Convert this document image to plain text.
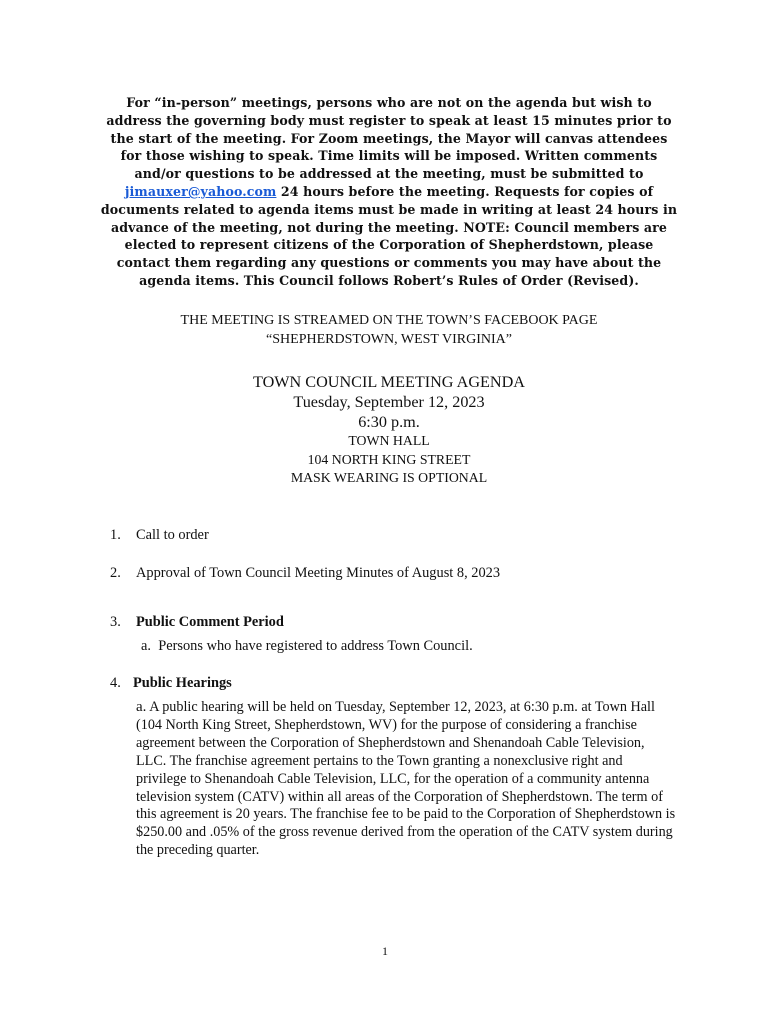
For “in-person” meetings, persons who are not on the agenda but wish to address the governing body must register to speak at least 15 minutes prior to the start of the meeting. For Zoom meetings, the Mayor will canvas attendees for those wishing to speak. Time limits will be imposed. Written comments and/or questions to be addressed at the meeting, must be submitted to jimauxer@yahoo.com 24 hours before the meeting. Requests for copies of documents related to agenda items must be made in writing at least 24 hours in advance of the meeting, not during the meeting. NOTE: Council members are elected to represent citizens of the Corporation of Shepherdstown, please contact them regarding any questions or comments you may have about the agenda items. This Council follows Robert’s Rules of Order (Revised).
THE MEETING IS STREAMED ON THE TOWN’S FACEBOOK PAGE
“SHEPHERDSTOWN, WEST VIRGINIA”
TOWN COUNCIL MEETING AGENDA
Tuesday, September 12, 2023
6:30 p.m.
TOWN HALL
104 NORTH KING STREET
MASK WEARING IS OPTIONAL
1. Call to order
2. Approval of Town Council Meeting Minutes of August 8, 2023
3. Public Comment Period
a. Persons who have registered to address Town Council.
4. Public Hearings
a. A public hearing will be held on Tuesday, September 12, 2023, at 6:30 p.m. at Town Hall (104 North King Street, Shepherdstown, WV) for the purpose of considering a franchise agreement between the Corporation of Shepherdstown and Shenandoah Cable Television, LLC. The franchise agreement pertains to the Town granting a nonexclusive right and privilege to Shenandoah Cable Television, LLC, for the operation of a community antenna television system (CATV) within all areas of the Corporation of Shepherdstown. The term of this agreement is 20 years. The franchise fee to be paid to the Corporation of Shepherdstown is $250.00 and .05% of the gross revenue derived from the operation of the CATV system during the preceding quarter.
1
